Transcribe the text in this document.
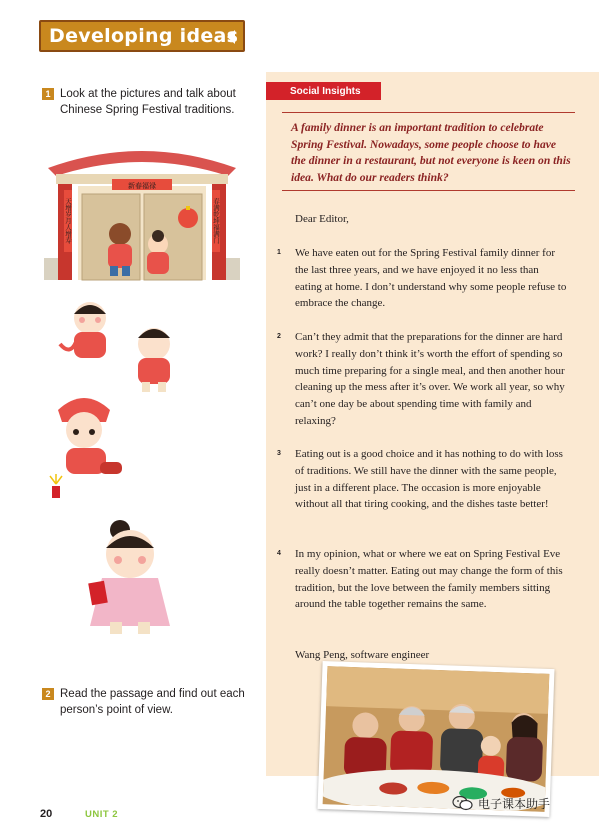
Developing ideas
1 Look at the pictures and talk about Chinese Spring Festival traditions.
新春福禄
天增岁月人增寿	春满乾坤福满门
2 Read the passage and find out each person’s point of view.
Social Insights
A family dinner is an important tradition to celebrate Spring Festival. Nowadays, some people choose to have the dinner in a restaurant, but not everyone is keen on this idea. What do our readers think?
Dear Editor,
1 We have eaten out for the Spring Festival family dinner for the last three years, and we have enjoyed it no less than eating at home. I don’t understand why some people refuse to embrace the change.
2 Can’t they admit that the preparations for the dinner are hard work? I really don’t think it’s worth the effort of spending so much time preparing for a single meal, and then another hour cleaning up the mess after it’s over. We work all year, so why can’t one day be about spending time with family and relaxing?
3 Eating out is a good choice and it has nothing to do with loss of traditions. We still have the dinner with the same people, just in a different place. The occasion is more enjoyable without all that tiring cooking, and the dishes taste better!
4 In my opinion, what or where we eat on Spring Festival Eve really doesn’t matter. Eating out may change the form of this tradition, but the love between the family members sitting around the table together remains the same.
Wang Peng, software engineer
20	UNIT 2
电子课本助手
